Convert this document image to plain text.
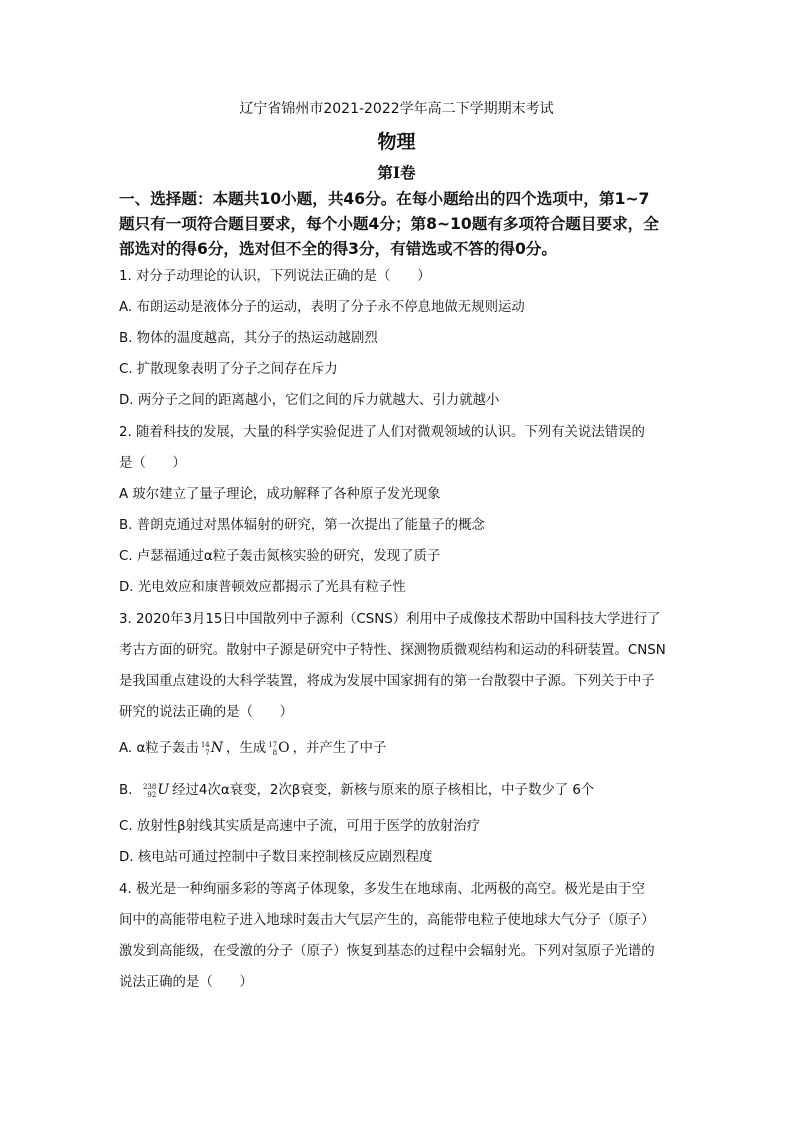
辽宁省锦州市2021-2022学年高二下学期期末考试
物理
第Ⅰ卷
一、选择题：本题共10小题，共46分。在每小题给出的四个选项中，第1~7
题只有一项符合题目要求，每个小题4分；第8~10题有多项符合题目要求，全
部选对的得6分，选对但不全的得3分，有错选或不答的得0分。
1. 对分子动理论的认识，下列说法正确的是（　　）
A. 布朗运动是液体分子的运动，表明了分子永不停息地做无规则运动
B. 物体的温度越高，其分子的热运动越剧烈
C. 扩散现象表明了分子之间存在斥力
D. 两分子之间的距离越小，它们之间的斥力就越大、引力就越小
2. 随着科技的发展，大量的科学实验促进了人们对微观领域的认识。下列有关说法错误的
是（　　）
A 玻尔建立了量子理论，成功解释了各种原子发光现象
B. 普朗克通过对黑体辐射的研究，第一次提出了能量子的概念
C. 卢瑟福通过α粒子轰击氮核实验的研究，发现了质子
D. 光电效应和康普顿效应都揭示了光具有粒子性
3. 2020年3月15日中国散列中子源利（CSNS）利用中子成像技术帮助中国科技大学进行了
考古方面的研究。散射中子源是研究中子特性、探测物质微观结构和运动的科研装置。CNSN
是我国重点建设的大科学装置，将成为发展中国家拥有的第一台散裂中子源。下列关于中子
研究的说法正确的是（　　）
A. α粒子轰击 14
7 N ，生成 17
8 O ，并产生了中子
B. 238
92 U 经过4次α衰变，2次β衰变，新核与原来的原子核相比，中子数少了 6个
C. 放射性β射线其实质是高速中子流，可用于医学的放射治疗
D. 核电站可通过控制中子数目来控制核反应剧烈程度
4. 极光是一种绚丽多彩的等离子体现象，多发生在地球南、北两极的高空。极光是由于空
间中的高能带电粒子进入地球时轰击大气层产生的，高能带电粒子使地球大气分子（原子）
激发到高能级，在受激的分子（原子）恢复到基态的过程中会辐射光。下列对氢原子光谱的
说法正确的是（　　）
